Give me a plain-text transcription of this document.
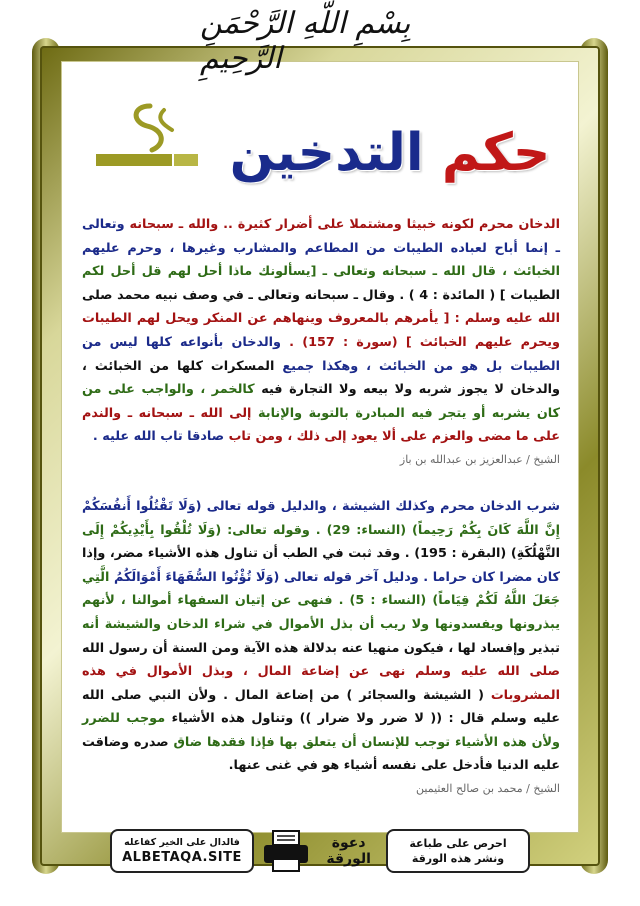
بِسْمِ اللَّهِ الرَّحْمَنِ الرَّحِيمِ
حكم التدخين

الدخان محرم لكونه خبيثا ومشتملا على أضرار كثيرة .. والله ـ سبحانه وتعالى ـ إنما أباح لعباده الطيبات من المطاعم والمشارب وغيرها ، وحرم عليهم الخبائث ، قال الله ـ سبحانه وتعالى ـ [يسألونك ماذا أحل لهم قل أحل لكم الطيبات ] ( المائدة : 4 ) . وقال ـ سبحانه وتعالى ـ في وصف نبيه محمد صلى الله عليه وسلم : [ يأمرهم بالمعروف وينهاهم عن المنكر ويحل لهم الطيبات ويحرم عليهم الخبائث ] (سورة : 157) . والدخان بأنواعه كلها ليس من الطيبات بل هو من الخبائث ، وهكذا جميع المسكرات كلها من الخبائث ، والدخان لا يجوز شربه ولا بيعه ولا التجارة فيه كالخمر ، والواجب على من كان يشربه أو يتجر فيه المبادرة بالتوبة والإنابة إلى الله ـ سبحانه ـ والندم على ما مضى والعزم على ألا يعود إلى ذلك ، ومن تاب صادقا تاب الله عليه .

الشيخ / عبدالعزيز بن عبدالله بن باز

شرب الدخان محرم وكذلك الشيشة ، والدليل قوله تعالى (وَلَا تَقْتُلُوا أَنفُسَكُمْ إِنَّ اللَّهَ كَانَ بِكُمْ رَحِيماً) (النساء: 29) . وقوله تعالى: (وَلَا تُلْقُوا بِأَيْدِيكُمْ إِلَى التَّهْلُكَةِ) (البقرة : 195) . وقد ثبت في الطب أن تناول هذه الأشياء مضر، وإذا كان مضرا كان حراما . ودليل آخر قوله تعالى (وَلَا تُؤْتُوا السُّفَهَاءَ أَمْوَالَكُمُ الَّتِي جَعَلَ اللَّهُ لَكُمْ قِيَاماً) (النساء : 5) . فنهى عن إتيان السفهاء أموالنا ، لأنهم يبذرونها ويفسدونها ولا ريب أن بذل الأموال في شراء الدخان والشيشة أنه تبذير وإفساد لها ، فيكون منهيا عنه بدلالة هذه الآية ومن السنة أن رسول الله صلى الله عليه وسلم نهى عن إضاعة المال ، وبذل الأموال في هذه المشروبات ( الشيشة والسجائر ) من إضاعة المال . ولأن النبي صلى الله عليه وسلم قال : (( لا ضرر ولا ضرار )) وتناول هذه الأشياء موجب للضرر ولأن هذه الأشياء توجب للإنسان أن يتعلق بها فإذا فقدها ضاق صدره وضاقت عليه الدنيا فأدخل على نفسه أشياء هو في غنى عنها.

الشيخ / محمد بن صالح العثيمين
فالدال على الخير كفاعله
ALBETAQA.SITE
دعوة
الورقة
احرص على طباعة
ونشر هذه الورقة
